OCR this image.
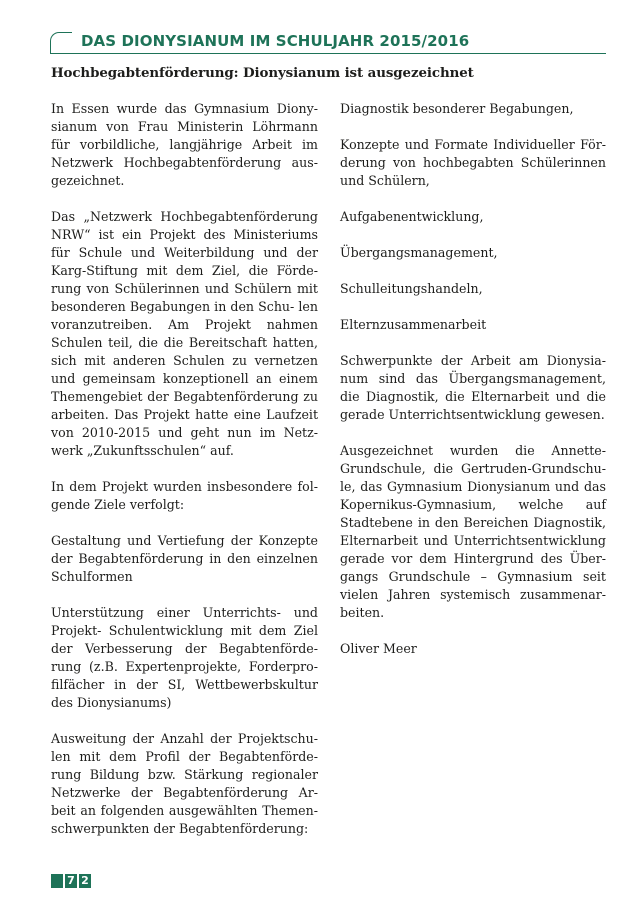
DAS DIONYSIANUM IM SCHULJAHR 2015/2016
Hochbegabtenförderung: Dionysianum ist ausgezeichnet

In Essen wurde das Gymnasium Diony- sianum von Frau Ministerin Löhrmann für vorbildliche, langjährige Arbeit im Netzwerk Hochbegabtenförderung aus- gezeichnet.

Das „Netzwerk Hochbegabtenförderung NRW“ ist ein Projekt des Ministeriums für Schule und Weiterbildung und der Karg-Stiftung mit dem Ziel, die Förde- rung von Schülerinnen und Schülern mit besonderen Begabungen in den Schu- len voranzutreiben. Am Projekt nahmen Schulen teil, die die Bereitschaft hatten, sich mit anderen Schulen zu vernetzen und gemeinsam konzeptionell an einem Themengebiet der Begabtenförderung zu arbeiten. Das Projekt hatte eine Laufzeit von 2010-2015 und geht nun im Netz- werk „Zukunftsschulen“ auf.

In dem Projekt wurden insbesondere fol- gende Ziele verfolgt:

Gestaltung und Vertiefung der Konzepte der Begabtenförderung in den einzelnen Schulformen

Unterstützung einer Unterrichts- und Projekt- Schulentwicklung mit dem Ziel der Verbesserung der Begabtenförde- rung (z.B. Expertenprojekte, Forderpro- filfächer in der SI, Wettbewerbskultur des Dionysianums)

Ausweitung der Anzahl der Projektschu- len mit dem Profil der Begabtenförde- rung Bildung bzw. Stärkung regionaler Netzwerke der Begabtenförderung Ar- beit an folgenden ausgewählten Themen- schwerpunkten der Begabtenförderung:

Diagnostik besonderer Begabungen,

Konzepte und Formate Individueller För- derung von hochbegabten Schülerinnen und Schülern,

Aufgabenentwicklung,

Übergangsmanagement,

Schulleitungshandeln,

Elternzusammenarbeit

Schwerpunkte der Arbeit am Dionysia- num sind das Übergangsmanagement, die Diagnostik, die Elternarbeit und die gerade Unterrichtsentwicklung gewesen.

Ausgezeichnet wurden die Annette- Grundschule, die Gertruden-Grundschu- le, das Gymnasium Dionysianum und das Kopernikus-Gymnasium, welche auf Stadtebene in den Bereichen Diagnostik, Elternarbeit und Unterrichtsentwicklung gerade vor dem Hintergrund des Über- gangs Grundschule – Gymnasium seit vielen Jahren systemisch zusammenar- beiten.

Oliver Meer

7 2
